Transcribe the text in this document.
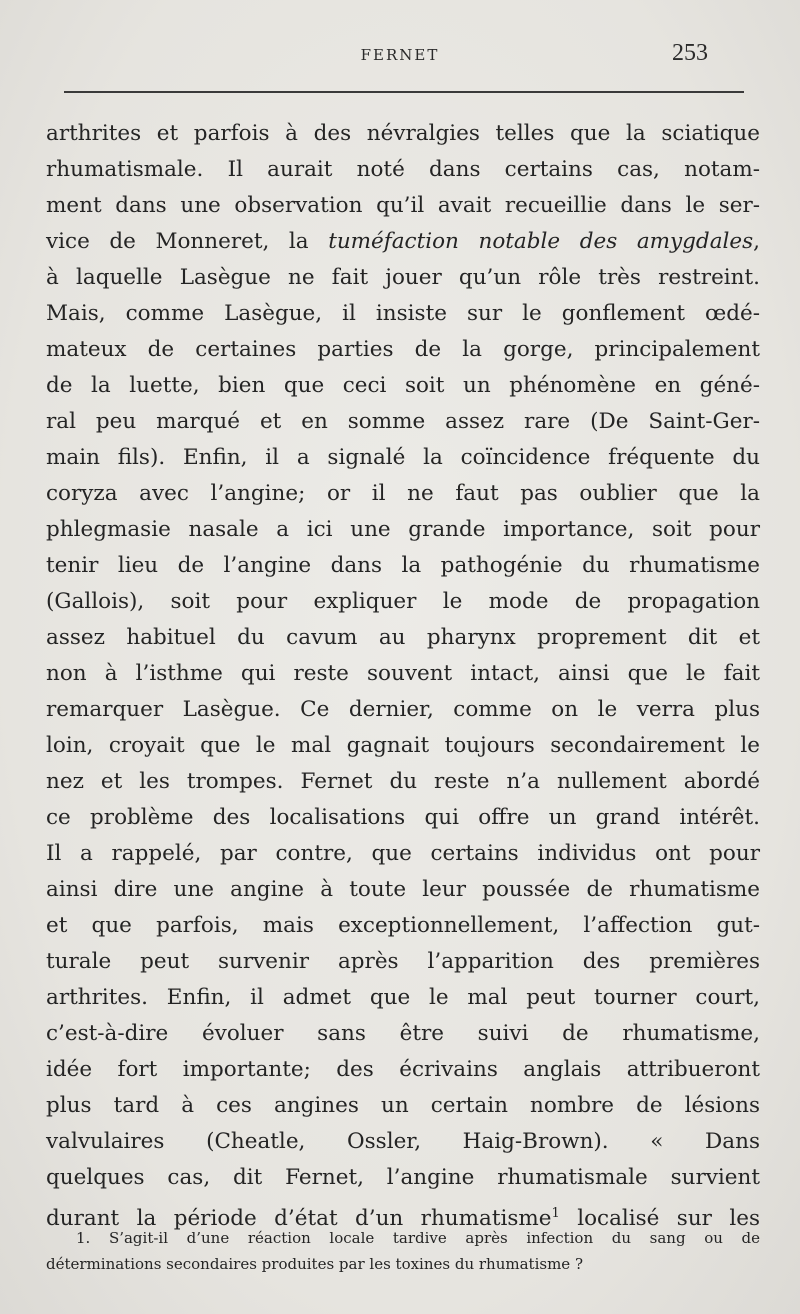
FERNET	253
arthrites et parfois à des névralgies telles que la sciatique
rhumatismale. Il aurait noté dans certains cas, notam-
ment dans une observation qu’il avait recueillie dans le ser-
vice de Monneret, la tuméfaction notable des amygdales,
à laquelle Lasègue ne fait jouer qu’un rôle très restreint.
Mais, comme Lasègue, il insiste sur le gonflement œdé-
mateux de certaines parties de la gorge, principalement
de la luette, bien que ceci soit un phénomène en géné-
ral peu marqué et en somme assez rare (De Saint-Ger-
main fils). Enfin, il a signalé la coïncidence fréquente du
coryza avec l’angine; or il ne faut pas oublier que la
phlegmasie nasale a ici une grande importance, soit pour
tenir lieu de l’angine dans la pathogénie du rhumatisme
(Gallois), soit pour expliquer le mode de propagation
assez habituel du cavum au pharynx proprement dit et
non à l’isthme qui reste souvent intact, ainsi que le fait
remarquer Lasègue. Ce dernier, comme on le verra plus
loin, croyait que le mal gagnait toujours secondairement le
nez et les trompes. Fernet du reste n’a nullement abordé
ce problème des localisations qui offre un grand intérêt.
Il a rappelé, par contre, que certains individus ont pour
ainsi dire une angine à toute leur poussée de rhumatisme
et que parfois, mais exceptionnellement, l’affection gut-
turale peut survenir après l’apparition des premières
arthrites. Enfin, il admet que le mal peut tourner court,
c’est-à-dire évoluer sans être suivi de rhumatisme,
idée fort importante; des écrivains anglais attribueront
plus tard à ces angines un certain nombre de lésions
valvulaires (Cheatle, Ossler, Haig-Brown). « Dans
quelques cas, dit Fernet, l’angine rhumatismale survient
durant la période d’état d’un rhumatisme$^1$ localisé sur les
1. S’agit-il d’une réaction locale tardive après infection du sang ou de
déterminations secondaires produites par les toxines du rhumatisme ?
